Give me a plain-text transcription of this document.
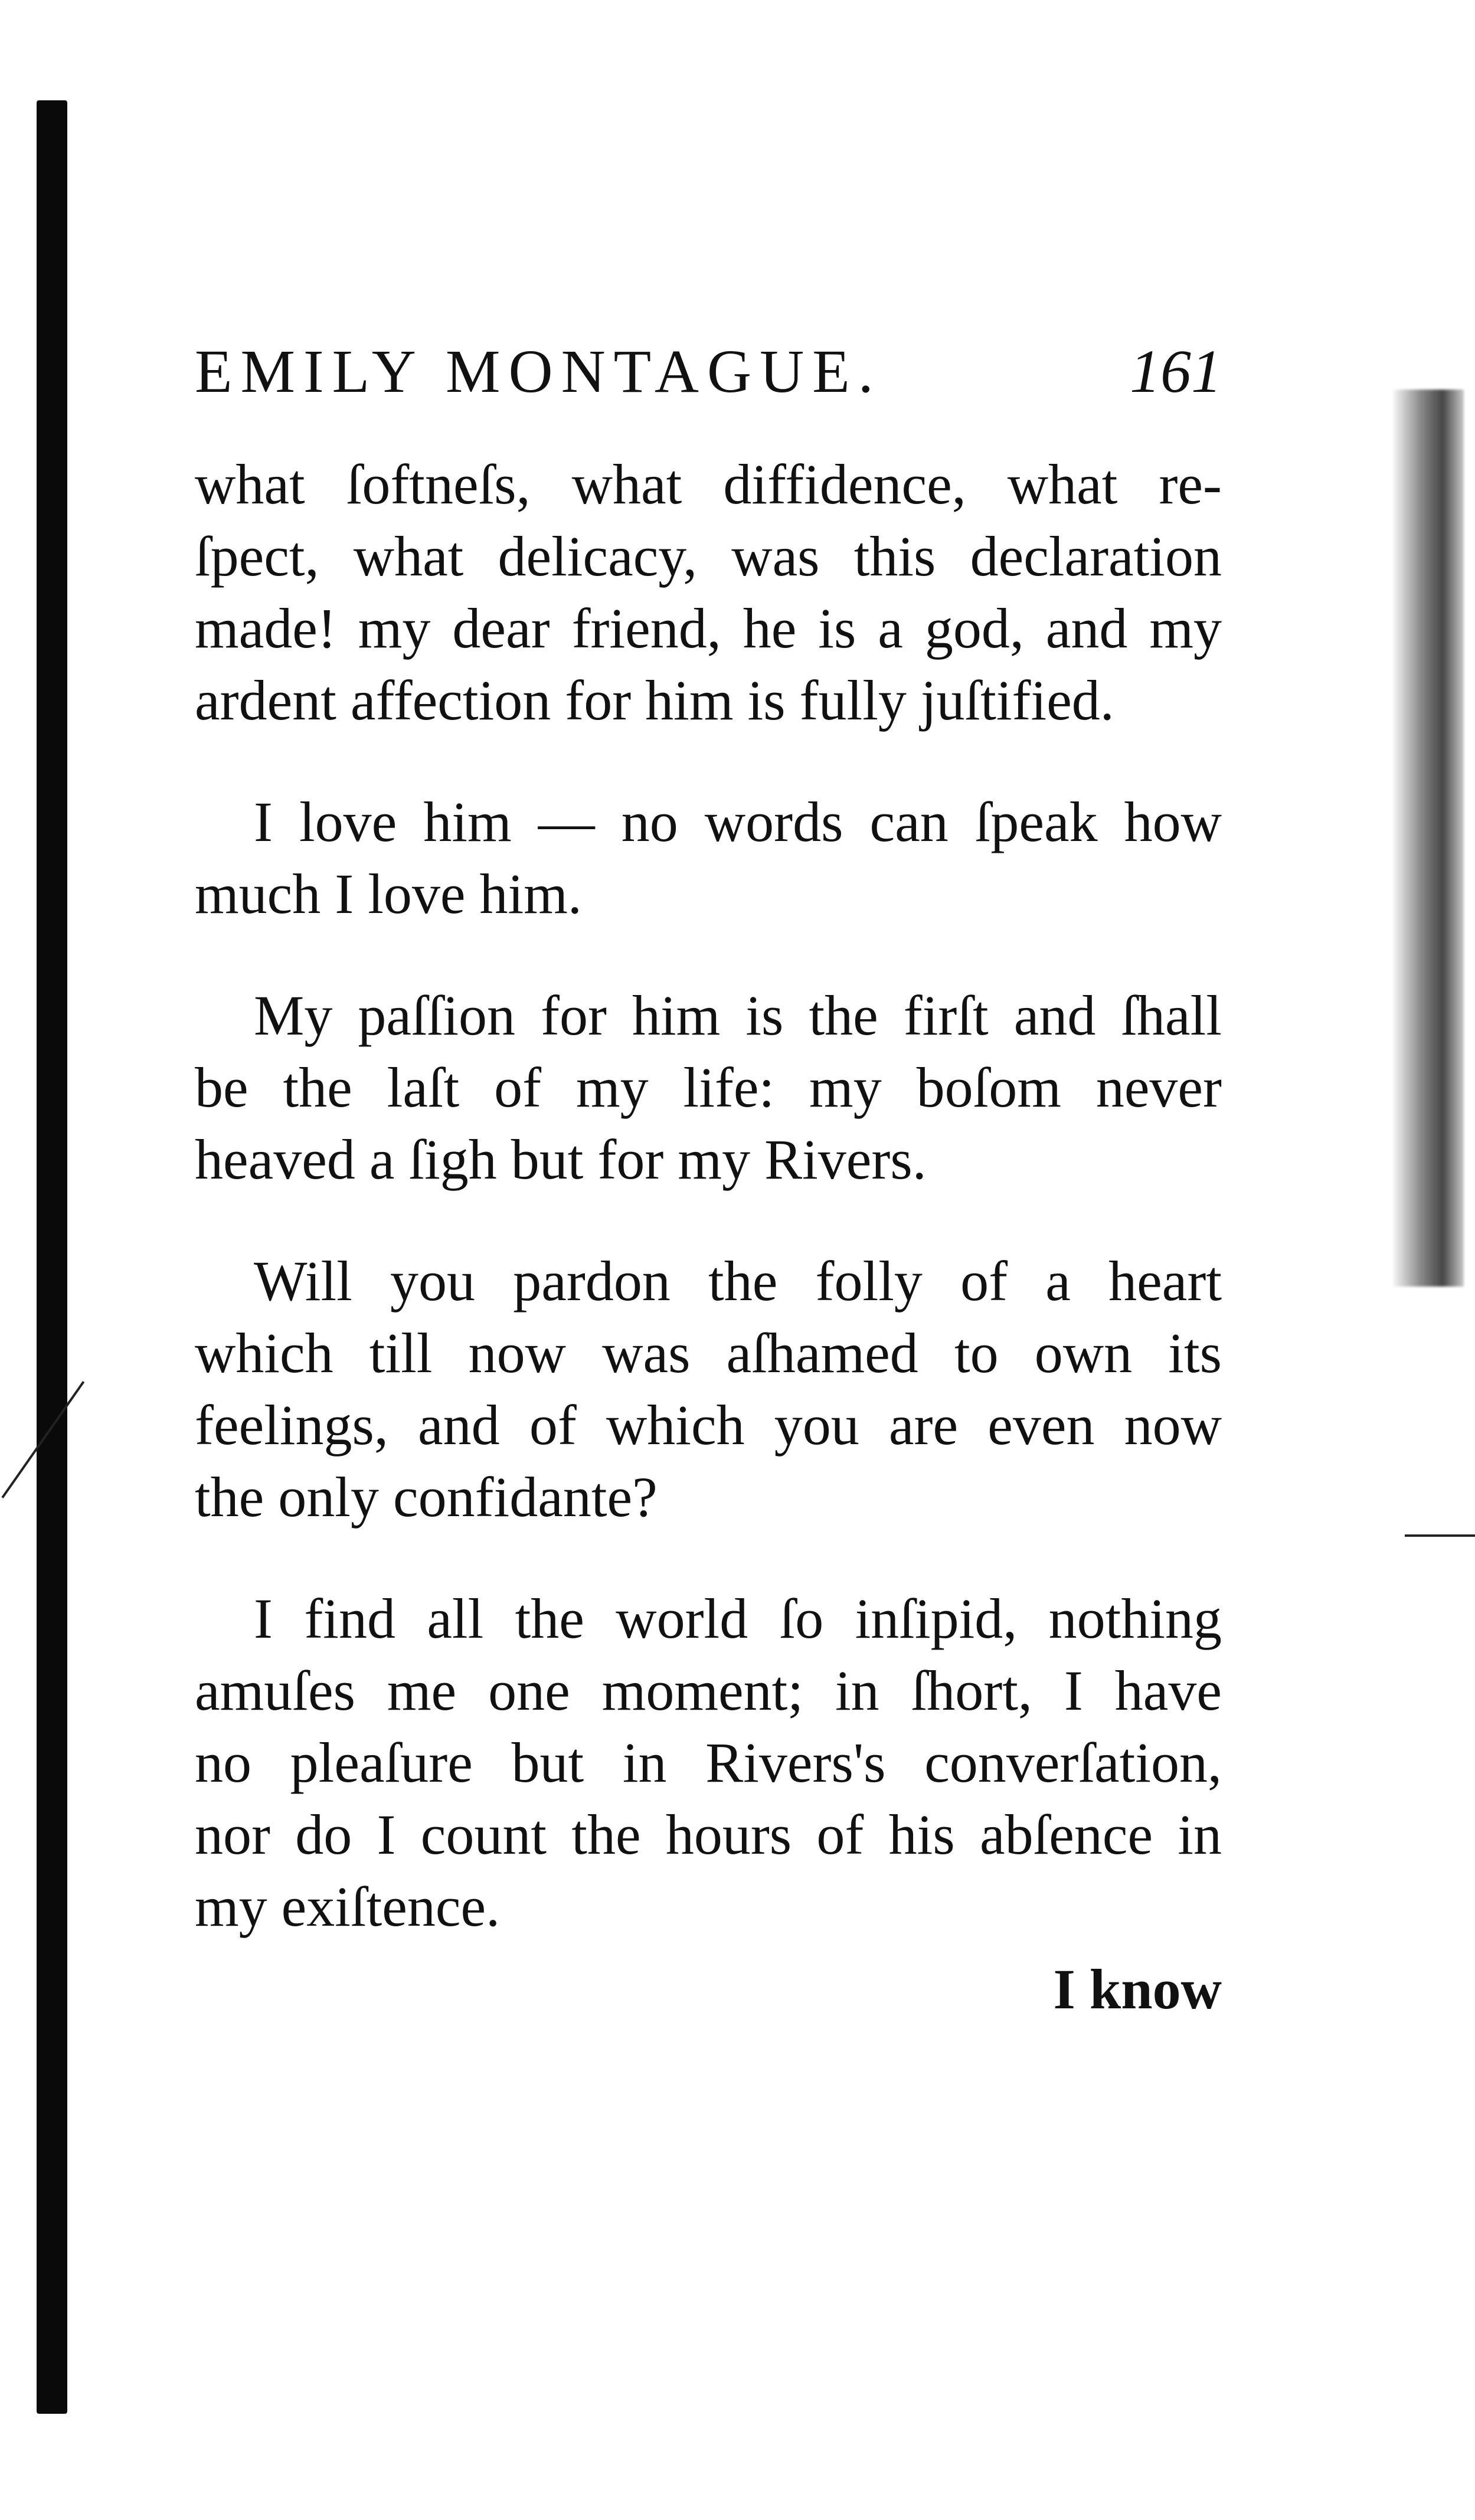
EMILY MONTAGUE.	161
what ſoftneſs, what diffidence, what re-
ſpect, what delicacy, was this declaration
made! my dear friend, he is a god, and my
ardent affection for him is fully juſtified.
I love him — no words can ſpeak how
much I love him.
My paſſion for him is the firſt and ſhall
be the laſt of my life: my boſom never
heaved a ſigh but for my Rivers.
Will you pardon the folly of a heart
which till now was aſhamed to own its
feelings, and of which you are even now
the only confidante?
I find all the world ſo inſipid, nothing
amuſes me one moment; in ſhort, I have
no pleaſure but in Rivers's converſation,
nor do I count the hours of his abſence in
my exiſtence.
I know
